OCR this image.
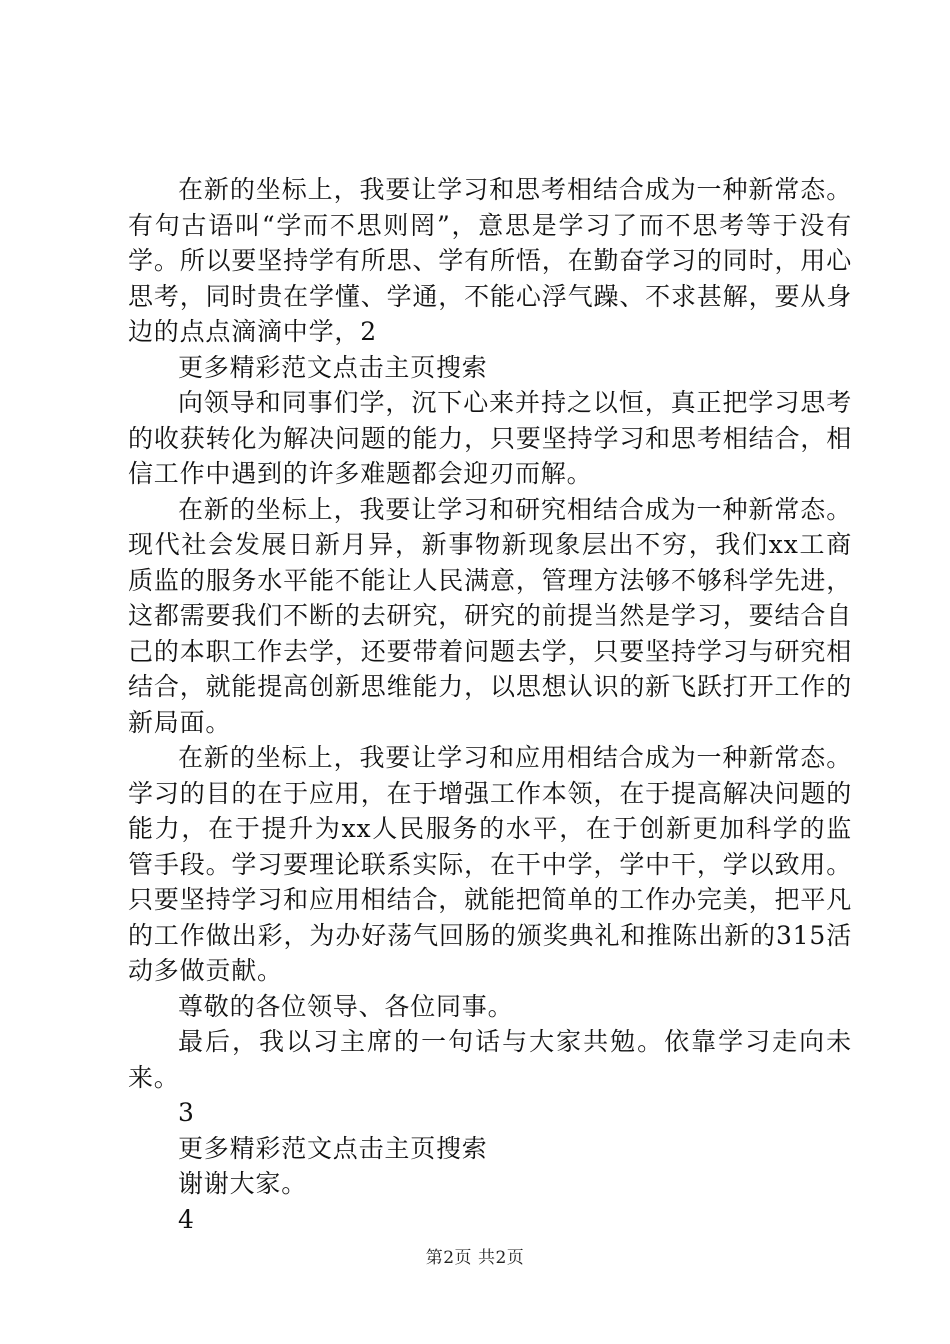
在新的坐标上，我要让学习和思考相结合成为一种新常态。有句古语叫“学而不思则罔”，意思是学习了而不思考等于没有学。所以要坚持学有所思、学有所悟，在勤奋学习的同时，用心思考，同时贵在学懂、学通，不能心浮气躁、不求甚解，要从身边的点点滴滴中学，2

更多精彩范文点击主页搜索

向领导和同事们学，沉下心来并持之以恒，真正把学习思考的收获转化为解决问题的能力，只要坚持学习和思考相结合，相信工作中遇到的许多难题都会迎刃而解。

在新的坐标上，我要让学习和研究相结合成为一种新常态。现代社会发展日新月异，新事物新现象层出不穷，我们xx工商质监的服务水平能不能让人民满意，管理方法够不够科学先进，这都需要我们不断的去研究，研究的前提当然是学习，要结合自己的本职工作去学，还要带着问题去学，只要坚持学习与研究相结合，就能提高创新思维能力，以思想认识的新飞跃打开工作的新局面。

在新的坐标上，我要让学习和应用相结合成为一种新常态。学习的目的在于应用，在于增强工作本领，在于提高解决问题的能力，在于提升为xx人民服务的水平，在于创新更加科学的监管手段。学习要理论联系实际，在干中学，学中干，学以致用。只要坚持学习和应用相结合，就能把简单的工作办完美，把平凡的工作做出彩，为办好荡气回肠的颁奖典礼和推陈出新的315活动多做贡献。

尊敬的各位领导、各位同事。

最后，我以习主席的一句话与大家共勉。依靠学习走向未来。

3

更多精彩范文点击主页搜索

谢谢大家。

4

第2页 共2页
